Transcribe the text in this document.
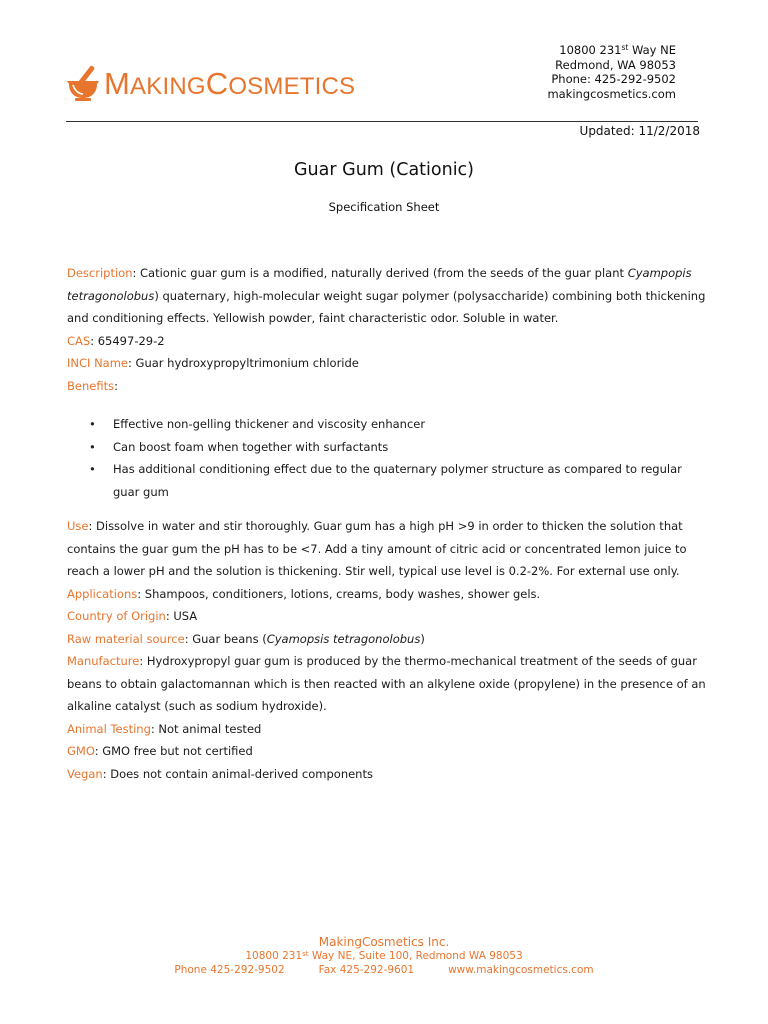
MAKINGCOSMETICS
10800 231st Way NE
Redmond, WA 98053
Phone: 425-292-9502
makingcosmetics.com
Updated: 11/2/2018
Guar Gum (Cationic)
Specification Sheet

Description: Cationic guar gum is a modified, naturally derived (from the seeds of the guar plant Cyampopis tetragonolobus) quaternary, high-molecular weight sugar polymer (polysaccharide) combining both thickening and conditioning effects. Yellowish powder, faint characteristic odor. Soluble in water.

CAS: 65497-29-2

INCI Name: Guar hydroxypropyltrimonium chloride

Benefits:

• Effective non-gelling thickener and viscosity enhancer
• Can boost foam when together with surfactants
• Has additional conditioning effect due to the quaternary polymer structure as compared to regular guar gum

Use: Dissolve in water and stir thoroughly. Guar gum has a high pH >9 in order to thicken the solution that contains the guar gum the pH has to be <7. Add a tiny amount of citric acid or concentrated lemon juice to reach a lower pH and the solution is thickening. Stir well, typical use level is 0.2-2%. For external use only.

Applications: Shampoos, conditioners, lotions, creams, body washes, shower gels.

Country of Origin: USA

Raw material source: Guar beans (Cyamopsis tetragonolobus)

Manufacture: Hydroxypropyl guar gum is produced by the thermo-mechanical treatment of the seeds of guar beans to obtain galactomannan which is then reacted with an alkylene oxide (propylene) in the presence of an alkaline catalyst (such as sodium hydroxide).

Animal Testing: Not animal tested

GMO: GMO free but not certified

Vegan: Does not contain animal-derived components

MakingCosmetics Inc.
10800 231st Way NE, Suite 100, Redmond WA 98053
Phone 425-292-9502	Fax 425-292-9601	www.makingcosmetics.com
